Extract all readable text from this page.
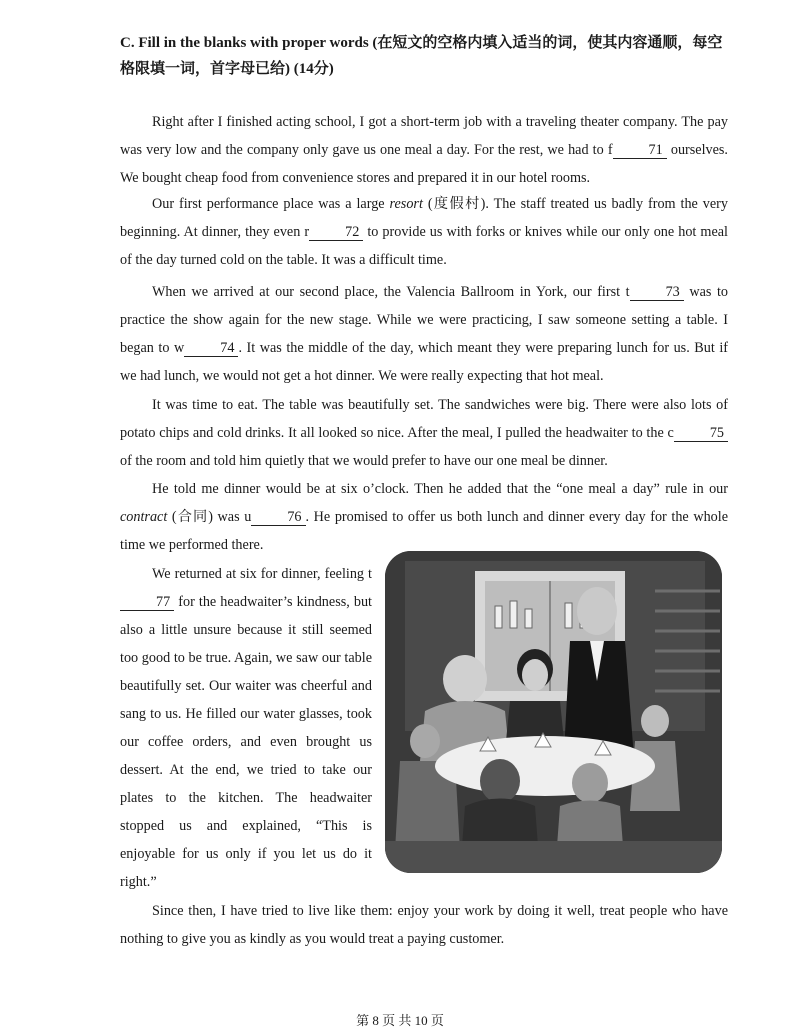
C. Fill in the blanks with proper words (在短文的空格内填入适当的词，使其内容通顺，每空格限填一词，首字母已给) (14分)
Right after I finished acting school, I got a short-term job with a traveling theater company. The pay was very low and the company only gave us one meal a day. For the rest, we had to f	71 ourselves. We bought cheap food from convenience stores and prepared it in our hotel rooms.
Our first performance place was a large resort (度假村). The staff treated us badly from the very beginning. At dinner, they even r	72 to provide us with forks or knives while our only one hot meal of the day turned cold on the table. It was a difficult time.
When we arrived at our second place, the Valencia Ballroom in York, our first t	73 was to practice the show again for the new stage. While we were practicing, I saw someone setting a table. I began to w	74 . It was the middle of the day, which meant they were preparing lunch for us. But if we had lunch, we would not get a hot dinner. We were really expecting that hot meal.
It was time to eat. The table was beautifully set. The sandwiches were big. There were also lots of potato chips and cold drinks. It all looked so nice. After the meal, I pulled the headwaiter to the c	75 of the room and told him quietly that we would prefer to have our one meal be dinner.
He told me dinner would be at six o’clock. Then he added that the “one meal a day” rule in our contract (合同) was u	76 . He promised to offer us both lunch and dinner every day for the whole time we performed there.
We returned at six for dinner, feeling t77 for the headwaiter’s kindness, but also a little unsure because it still seemed too good to be true. Again, we saw our table beautifully set. Our waiter was cheerful and sang to us. He filled our water glasses, took our coffee orders, and even brought us dessert. At the end, we tried to take our plates to the kitchen. The headwaiter stopped us and explained, “This is enjoyable for us only if you let us do it right.”
Since then, I have tried to live like them: enjoy your work by doing it well, treat people who have nothing to give you as kindly as you would treat a paying customer.
第 8 页 共 10 页
